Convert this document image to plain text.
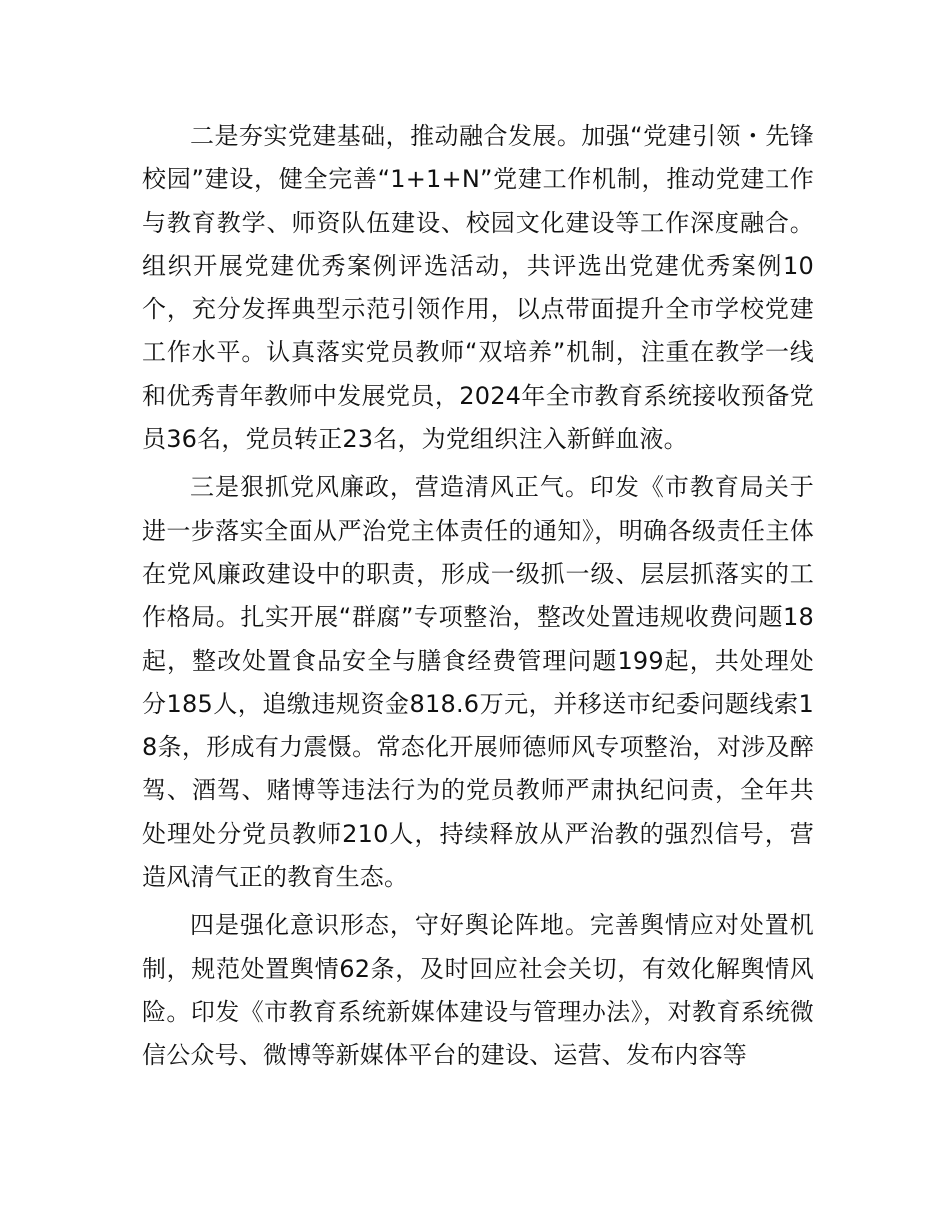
二是夯实党建基础，推动融合发展。加强“党建引领・先锋校园”建设，健全完善“1+1+N”党建工作机制，推动党建工作与教育教学、师资队伍建设、校园文化建设等工作深度融合。组织开展党建优秀案例评选活动，共评选出党建优秀案例10个，充分发挥典型示范引领作用，以点带面提升全市学校党建工作水平。认真落实党员教师“双培养”机制，注重在教学一线和优秀青年教师中发展党员，2024年全市教育系统接收预备党员36名，党员转正23名，为党组织注入新鲜血液。

三是狠抓党风廉政，营造清风正气。印发《市教育局关于进一步落实全面从严治党主体责任的通知》，明确各级责任主体在党风廉政建设中的职责，形成一级抓一级、层层抓落实的工作格局。扎实开展“群腐”专项整治，整改处置违规收费问题18起，整改处置食品安全与膳食经费管理问题199起，共处理处分185人，追缴违规资金818.6万元，并移送市纪委问题线索18条，形成有力震慑。常态化开展师德师风专项整治，对涉及醉驾、酒驾、赌博等违法行为的党员教师严肃执纪问责，全年共处理处分党员教师210人，持续释放从严治教的强烈信号，营造风清气正的教育生态。

四是强化意识形态，守好舆论阵地。完善舆情应对处置机制，规范处置舆情62条，及时回应社会关切，有效化解舆情风险。印发《市教育系统新媒体建设与管理办法》，对教育系统微信公众号、微博等新媒体平台的建设、运营、发布内容等
